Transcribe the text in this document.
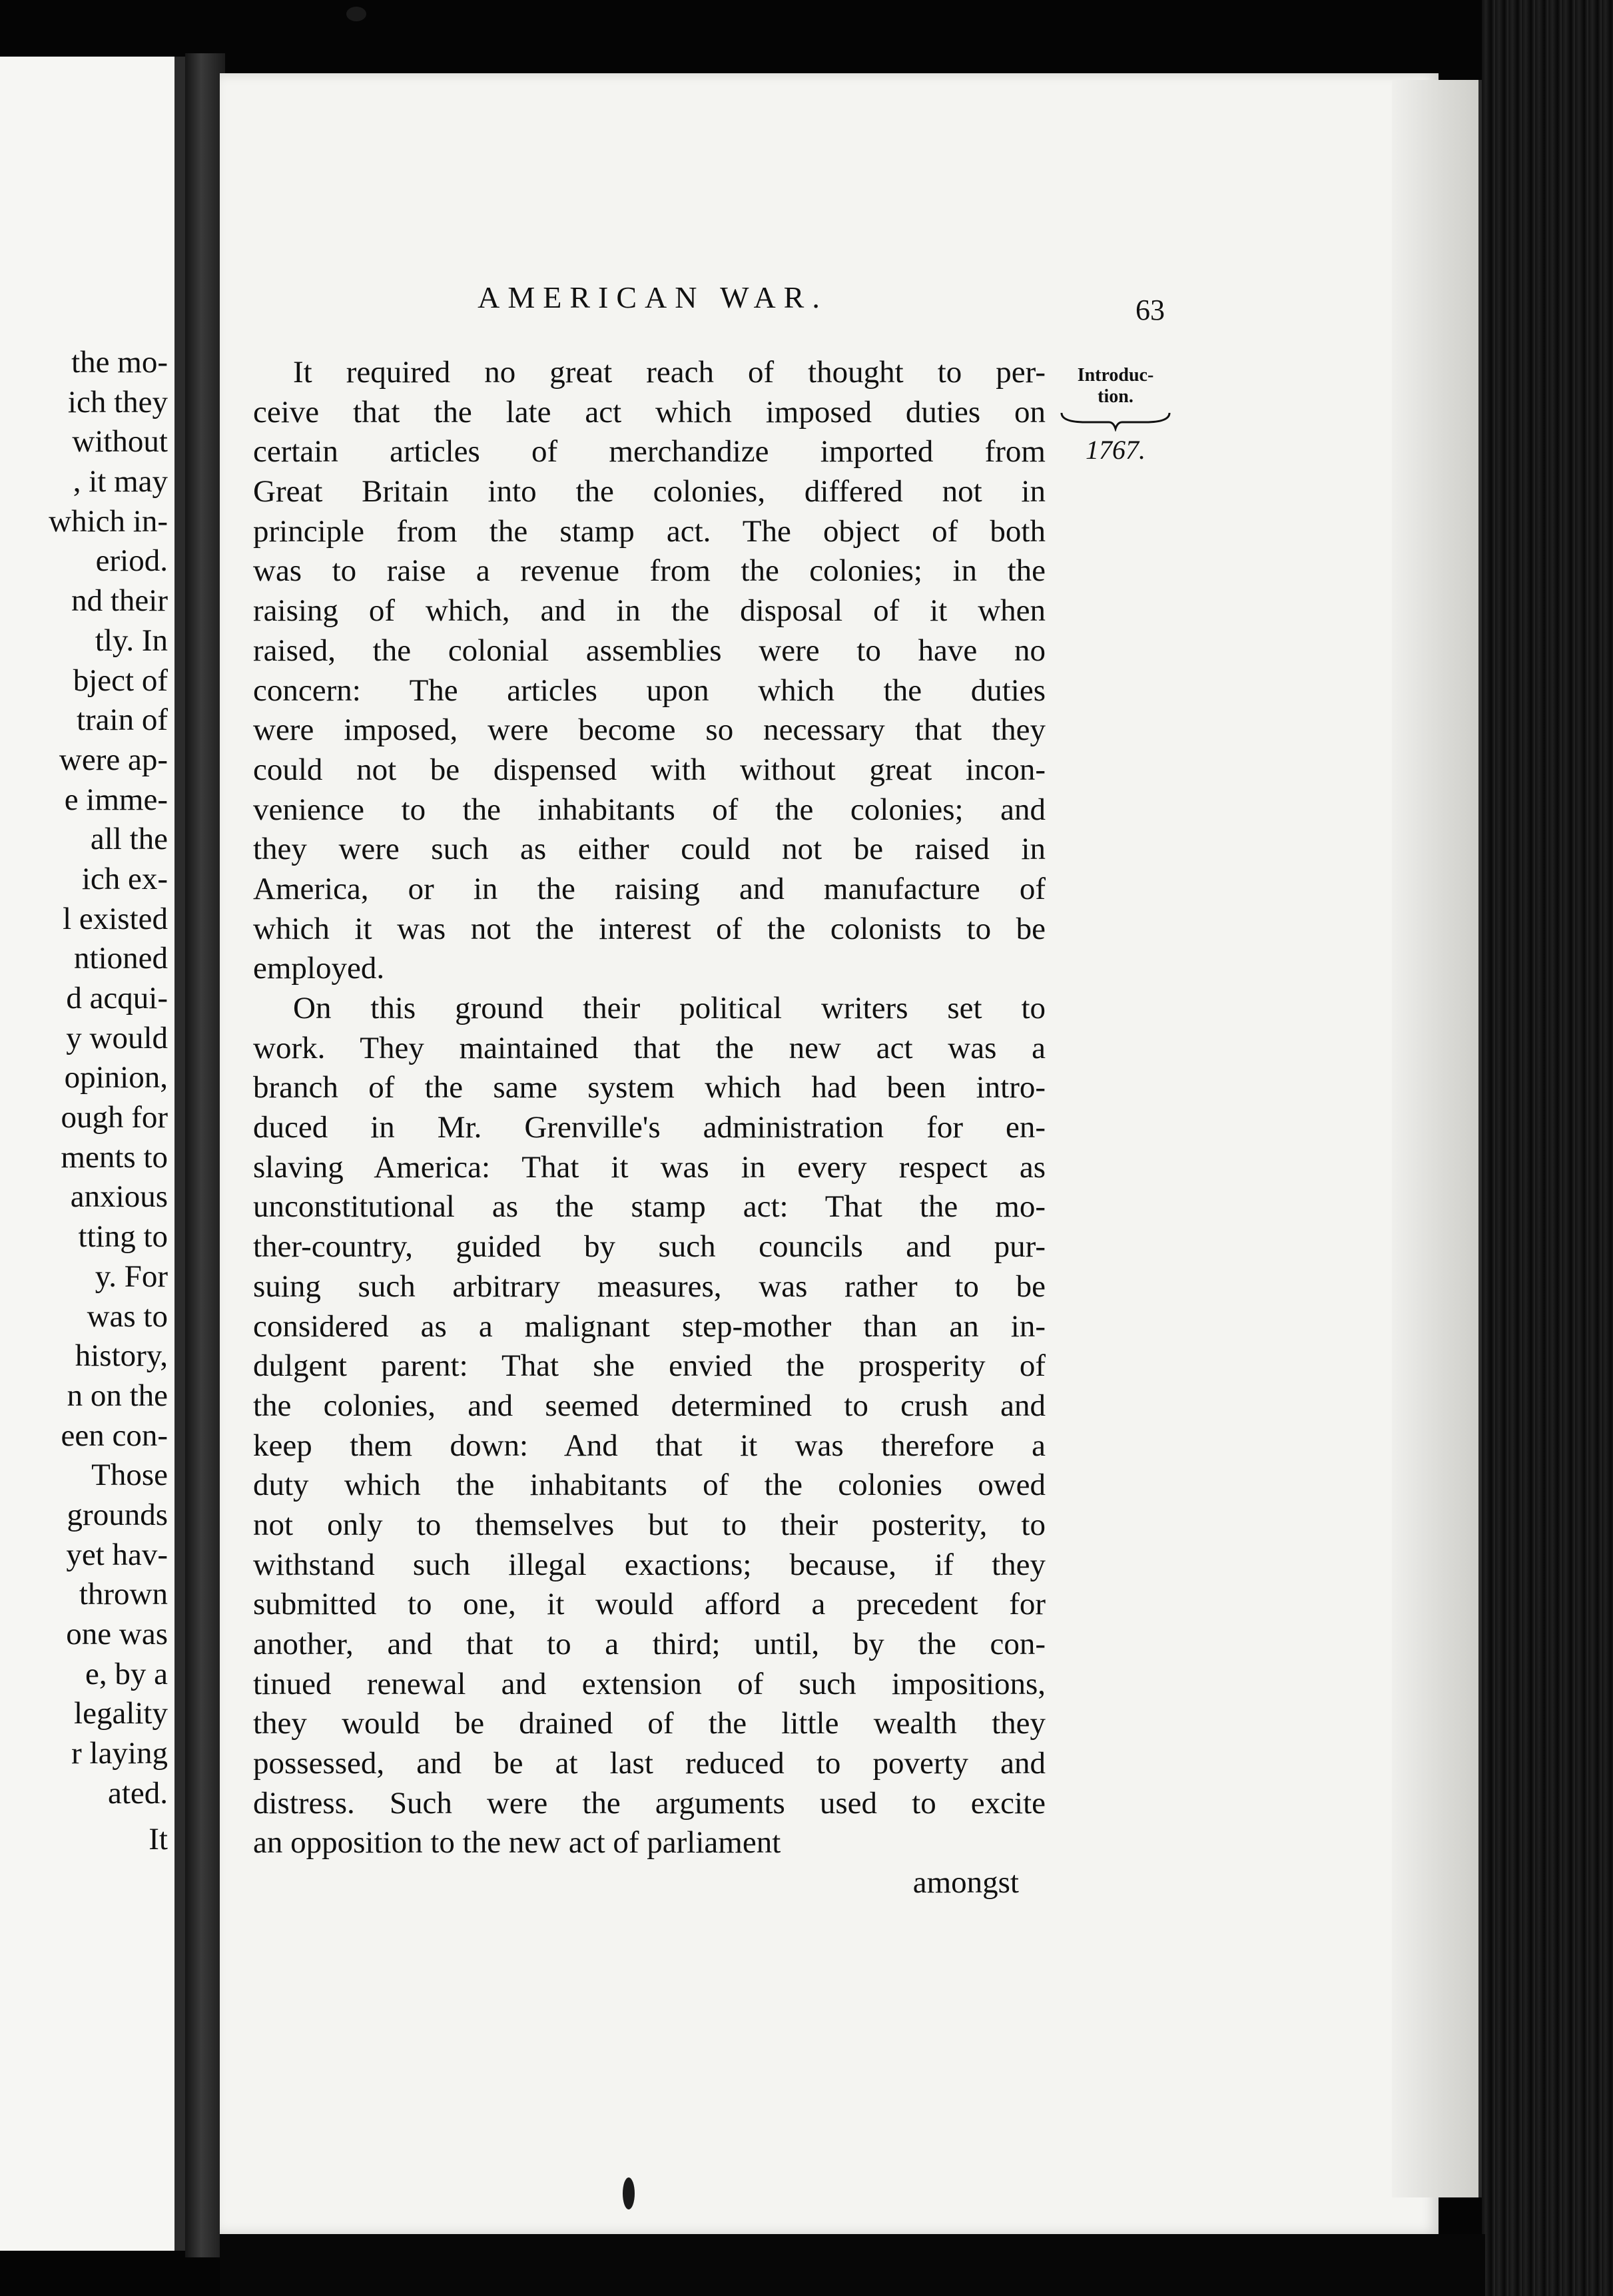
the mo-
ich they
without
, it may
which in-
eriod.
nd their
tly. In
bject of
train of
were ap-
e imme-
all the
ich ex-
l existed
ntioned
d acqui-
y would
opinion,
ough for
ments to
anxious
tting to
y. For
was to
history,
n on the
een con-
Those
grounds
yet hav-
thrown
one was
e, by a
legality
r laying
ated.
It
AMERICAN WAR.	63
Introduc-
tion.
1767.
It required no great reach of thought to per-
ceive that the late act which imposed duties on
certain articles of merchandize imported from
Great Britain into the colonies, differed not in
principle from the stamp act. The object of both
was to raise a revenue from the colonies; in the
raising of which, and in the disposal of it when
raised, the colonial assemblies were to have no
concern: The articles upon which the duties
were imposed, were become so necessary that they
could not be dispensed with without great incon-
venience to the inhabitants of the colonies; and
they were such as either could not be raised in
America, or in the raising and manufacture of
which it was not the interest of the colonists to be
employed.
On this ground their political writers set to
work. They maintained that the new act was a
branch of the same system which had been intro-
duced in Mr. Grenville's administration for en-
slaving America: That it was in every respect as
unconstitutional as the stamp act: That the mo-
ther-country, guided by such councils and pur-
suing such arbitrary measures, was rather to be
considered as a malignant step-mother than an in-
dulgent parent: That she envied the prosperity of
the colonies, and seemed determined to crush and
keep them down: And that it was therefore a
duty which the inhabitants of the colonies owed
not only to themselves but to their posterity, to
withstand such illegal exactions; because, if they
submitted to one, it would afford a precedent for
another, and that to a third; until, by the con-
tinued renewal and extension of such impositions,
they would be drained of the little wealth they
possessed, and be at last reduced to poverty and
distress. Such were the arguments used to excite
an opposition to the new act of parliament
amongst
